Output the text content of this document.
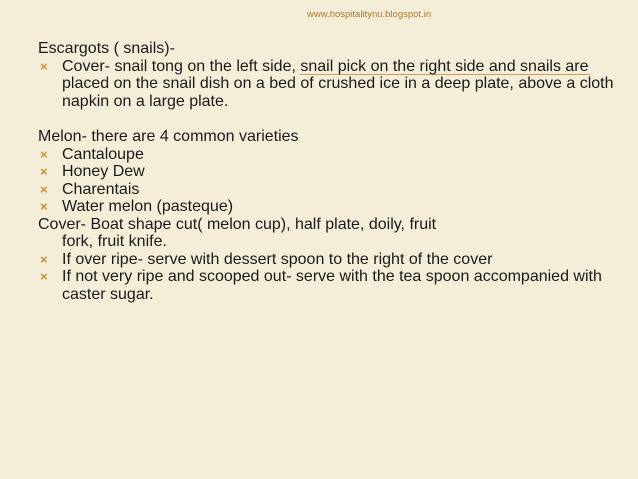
www.hospitalitynu.blogspot.in

Escargots ( snails)-

× Cover- snail tong on the left side, snail pick on the right side and snails are placed on the snail dish on a bed of crushed ice in a deep plate, above a cloth napkin on a large plate.

Melon- there are 4 common varieties

× Cantaloupe

× Honey Dew

× Charentais

× Water melon (pasteque)

Cover- Boat shape cut( melon cup), half plate, doily, fruit
fork, fruit knife.

× If over ripe- serve with dessert spoon to the right of the cover

× If not very ripe and scooped out- serve with the tea spoon accompanied with caster sugar.
